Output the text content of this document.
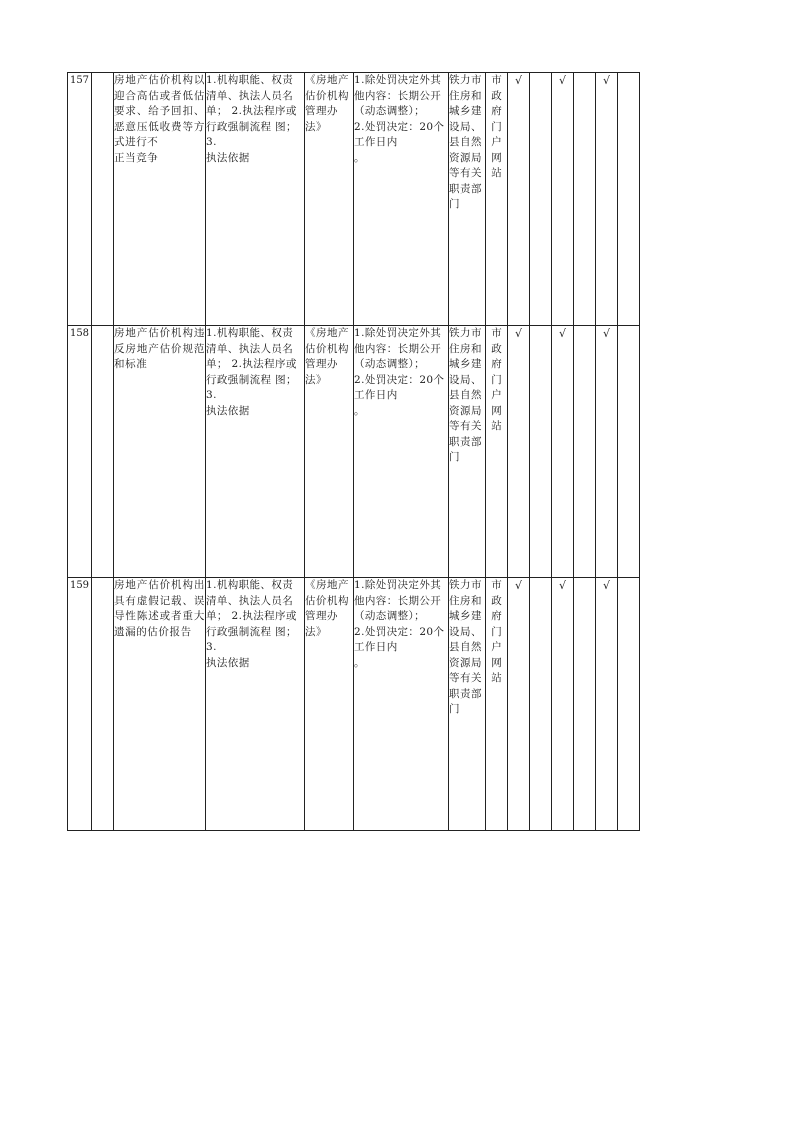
157		房地产估价机构以迎合高估或者低估要求、给予回扣、恶意压低收费等方式进行不
正当竞争	1.机构职能、权责清单、执法人员名单； 2.执法程序或行政强制流程 图； 3.
执法依据	《房地产估价机构管理办法》	1.除处罚决定外其他内容：长期公开
（动态调整）；
2.处罚决定：20个工作日内
。	铁力市住房和城乡建设局、县自然资源局等有关职责部门	市政府门户网站	√		√		√	
158		房地产估价机构违反房地产估价规范和标准	1.机构职能、权责清单、执法人员名单； 2.执法程序或行政强制流程 图； 3.
执法依据	《房地产估价机构管理办法》	1.除处罚决定外其他内容：长期公开
（动态调整）；
2.处罚决定：20个工作日内
。	铁力市住房和城乡建设局、县自然资源局等有关职责部门	市政府门户网站	√		√		√	
159		房地产估价机构出具有虚假记载、误导性陈述或者重大遗漏的估价报告	1.机构职能、权责清单、执法人员名单； 2.执法程序或行政强制流程 图； 3.
执法依据	《房地产估价机构管理办法》	1.除处罚决定外其他内容：长期公开
（动态调整）；
2.处罚决定：20个工作日内
。	铁力市住房和城乡建设局、县自然资源局等有关职责部门	市政府门户网站	√		√		√	
